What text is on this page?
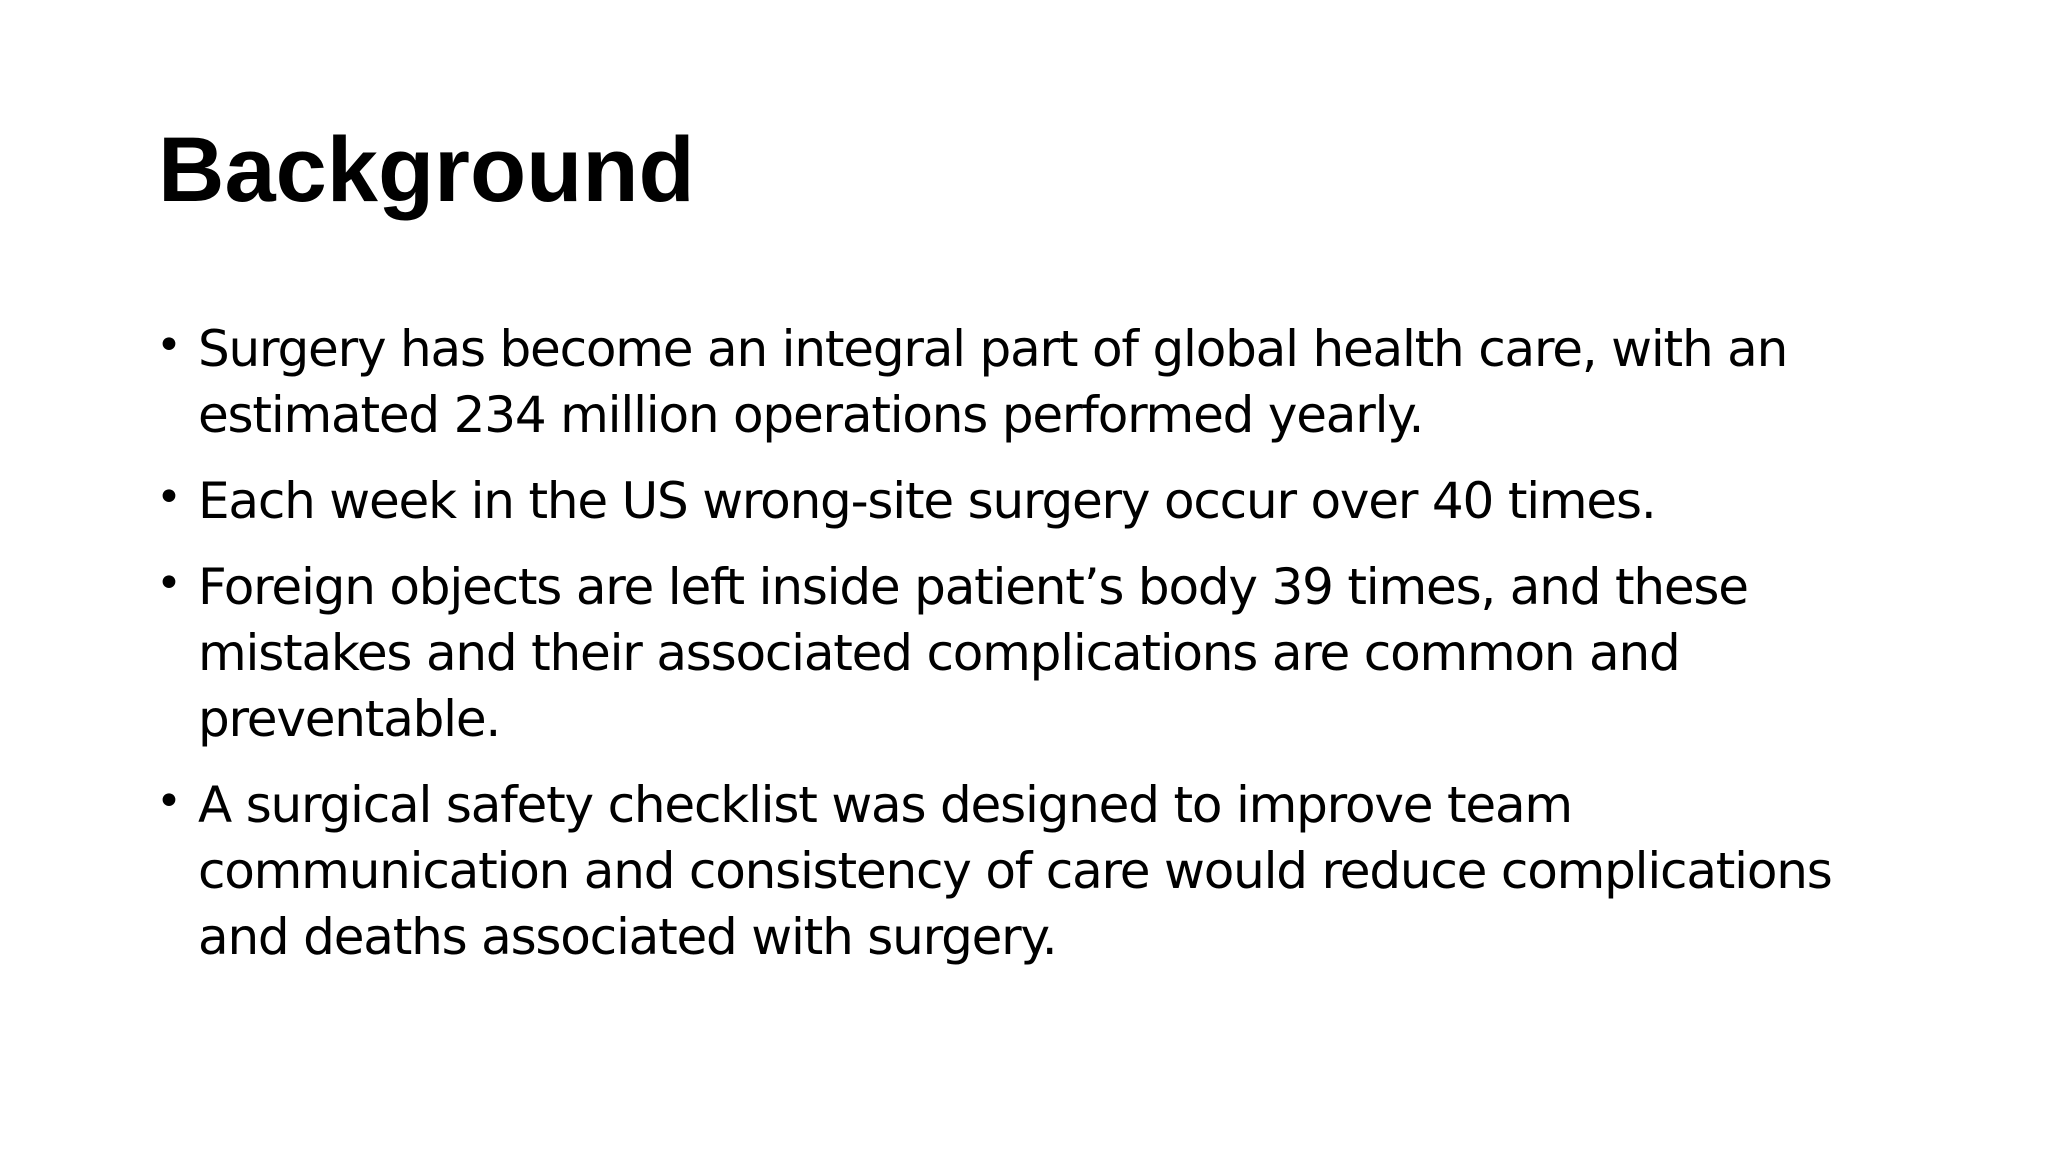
Background
• Surgery has become an integral part of global health care, with an estimated 234 million operations performed yearly.
• Each week in the US wrong-site surgery occur over 40 times.
• Foreign objects are left inside patient’s body 39 times, and these mistakes and their associated complications are common and preventable.
• A surgical safety checklist was designed to improve team communication and consistency of care would reduce complications and deaths associated with surgery.
